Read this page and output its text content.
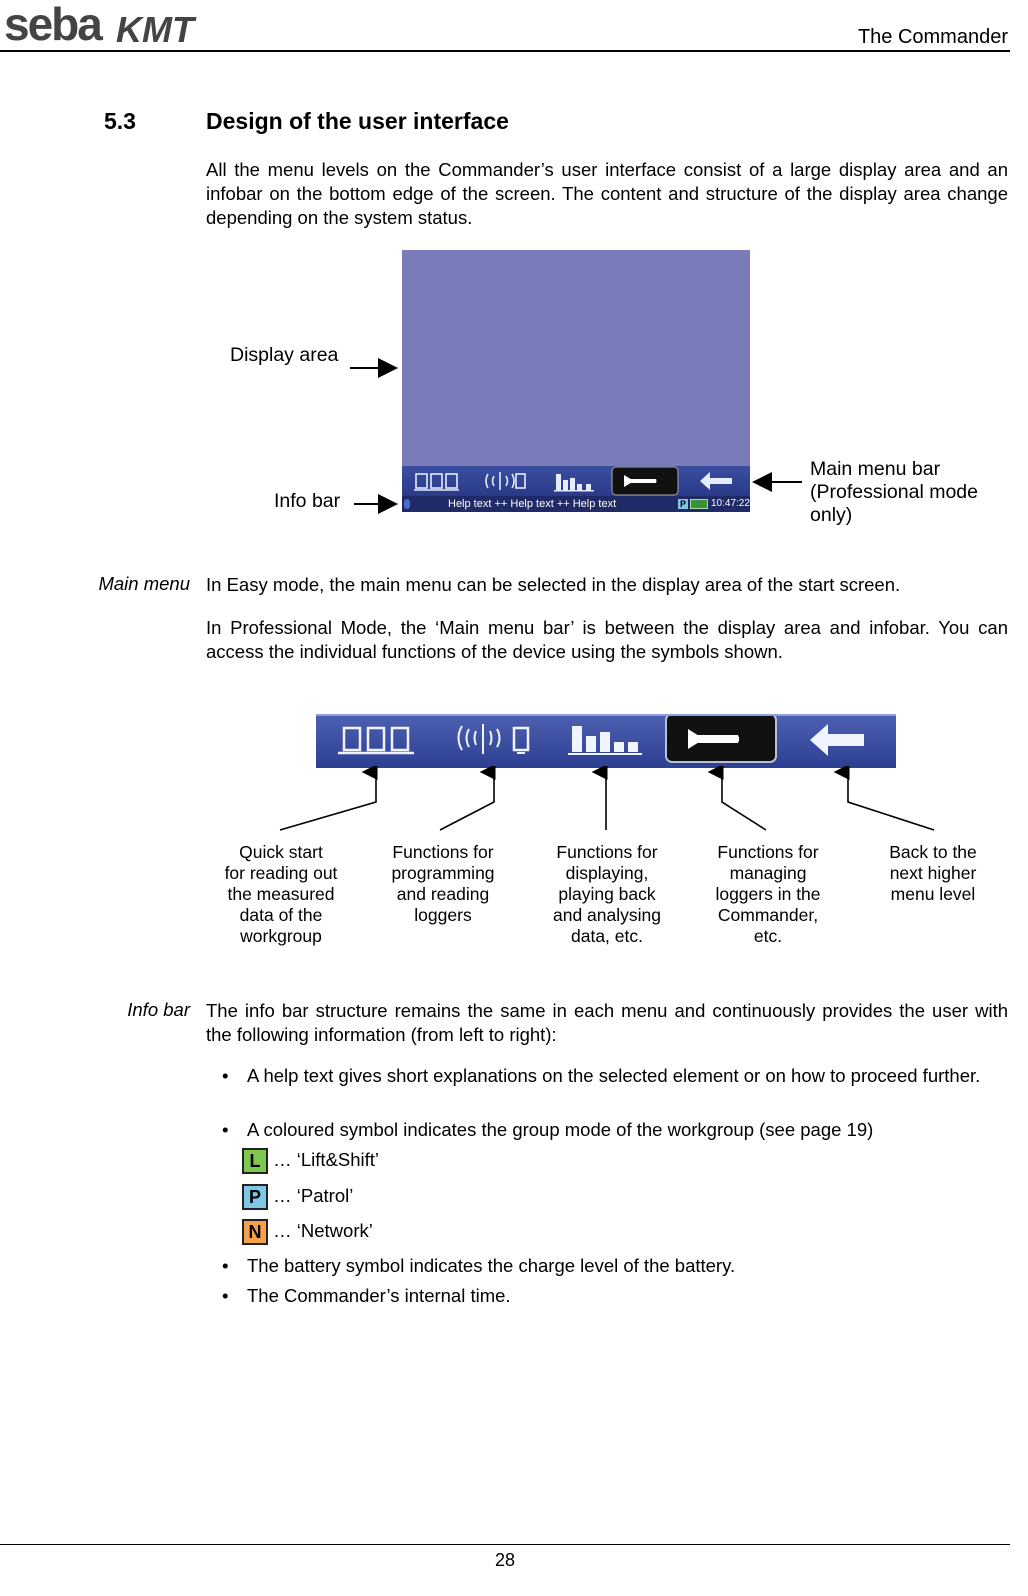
seba KMT	The Commander
5.3	Design of the user interface
All the menu levels on the Commander’s user interface consist of a large display area and an infobar on the bottom edge of the screen. The content and structure of the display area change depending on the system status.
Display area
Info bar
Main menu bar
(Professional mode
only)
Help text ++ Help text ++ Help text	P	10:47:22
Main menu In Easy mode, the main menu can be selected in the display area of the start screen.
In Professional Mode, the ‘Main menu bar’ is between the display area and infobar. You can access the individual functions of the device using the symbols shown.
Quick start
for reading out
the measured
data of the
workgroup
Functions for
programming
and reading
loggers
Functions for
displaying,
playing back
and analysing
data, etc.
Functions for
managing
loggers in the
Commander,
etc.
Back to the
next higher
menu level
Info bar The info bar structure remains the same in each menu and continuously provides the user with the following information (from left to right):
• A help text gives short explanations on the selected element or on how to proceed further.
• A coloured symbol indicates the group mode of the workgroup (see page 19)
L … ‘Lift&Shift’
P … ‘Patrol’
N … ‘Network’
• The battery symbol indicates the charge level of the battery.
• The Commander’s internal time.
28
